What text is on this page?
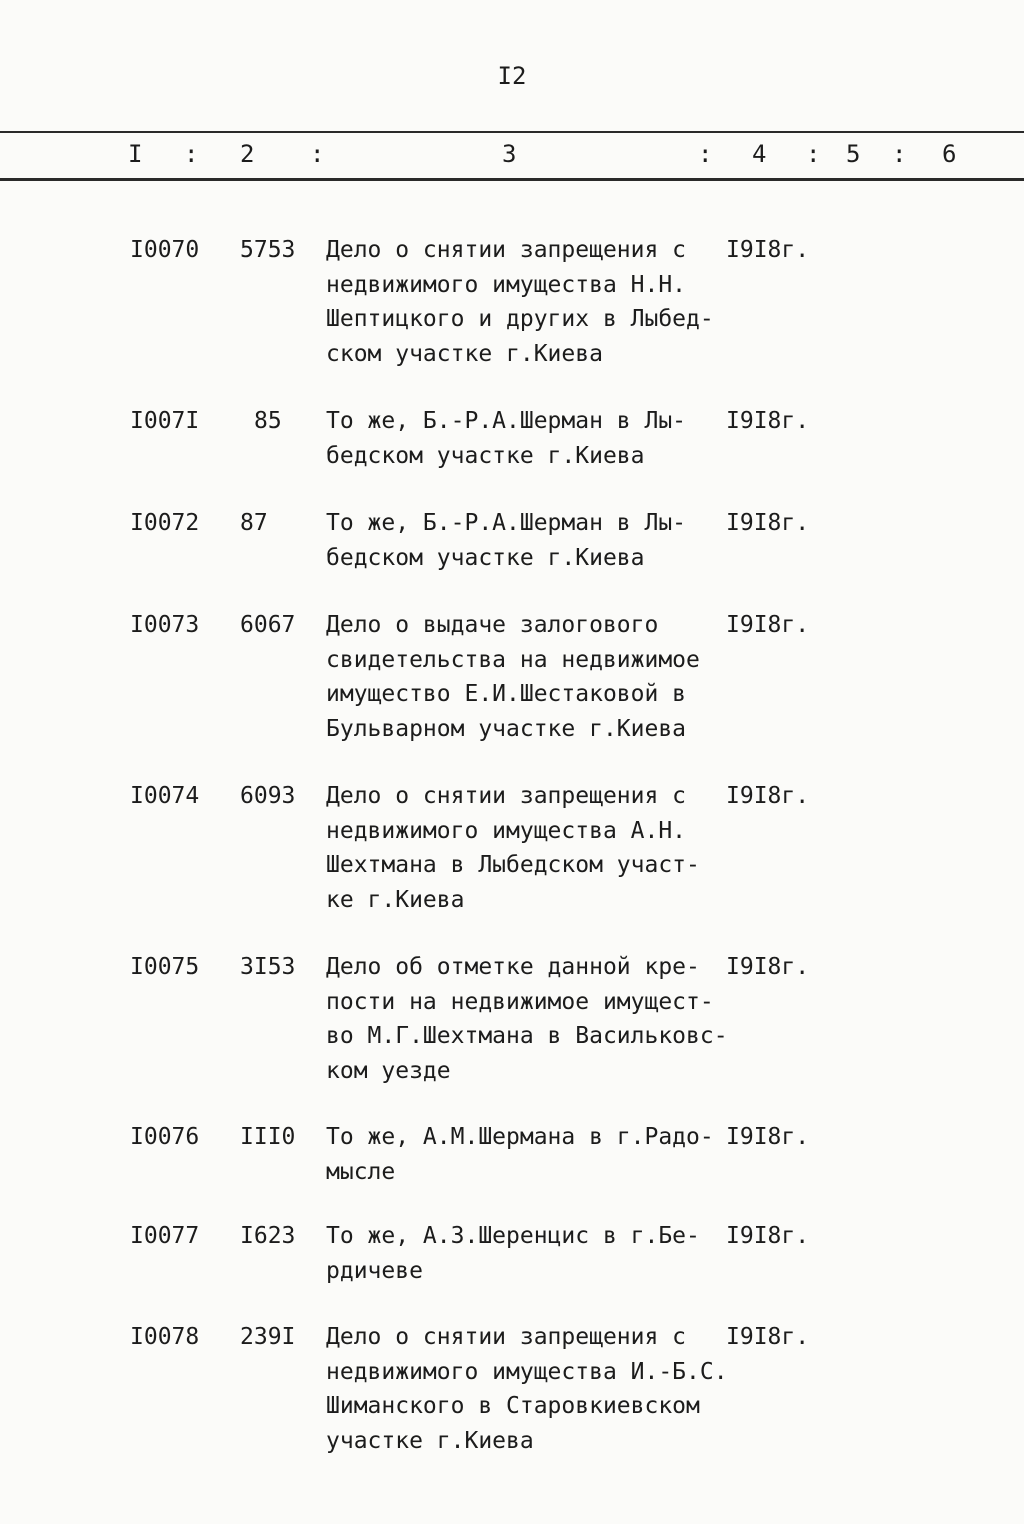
I2
I : 2 :	3	: 4 : 5 : 6
I0070 5753 Дело о снятии запрещения с
недвижимого имущества Н.Н.
Шептицкого и других в Лыбед-
ском участке г.Киева
I9I8г.
I007I 85 То же, Б.-Р.А.Шерман в Лы-
бедском участке г.Киева
I9I8г.
I0072 87	То же, Б.-Р.А.Шерман в Лы-
бедском участке г.Киева
I9I8г.
I0073 6067 Дело о выдаче залогового
свидетельства на недвижимое
имущество Е.И.Шестаковой в
Бульварном участке г.Киева
I9I8г.
I0074 6093 Дело о снятии запрещения с
недвижимого имущества А.Н.
Шехтмана в Лыбедском участ-
ке г.Киева
I9I8г.
I0075 3I53 Дело об отметке данной кре-
пости на недвижимое имущест-
во М.Г.Шехтмана в Васильковс-
ком уезде
I9I8г.
I0076 III0 То же, А.М.Шермана в г.Радо-
мысле
I9I8г.
I0077 I623 То же, А.З.Шеренцис в г.Бе-
рдичеве
I9I8г.
I0078 239I Дело о снятии запрещения с
недвижимого имущества И.-Б.С.
Шиманского в Старовкиевском
участке г.Киева
I9I8г.
